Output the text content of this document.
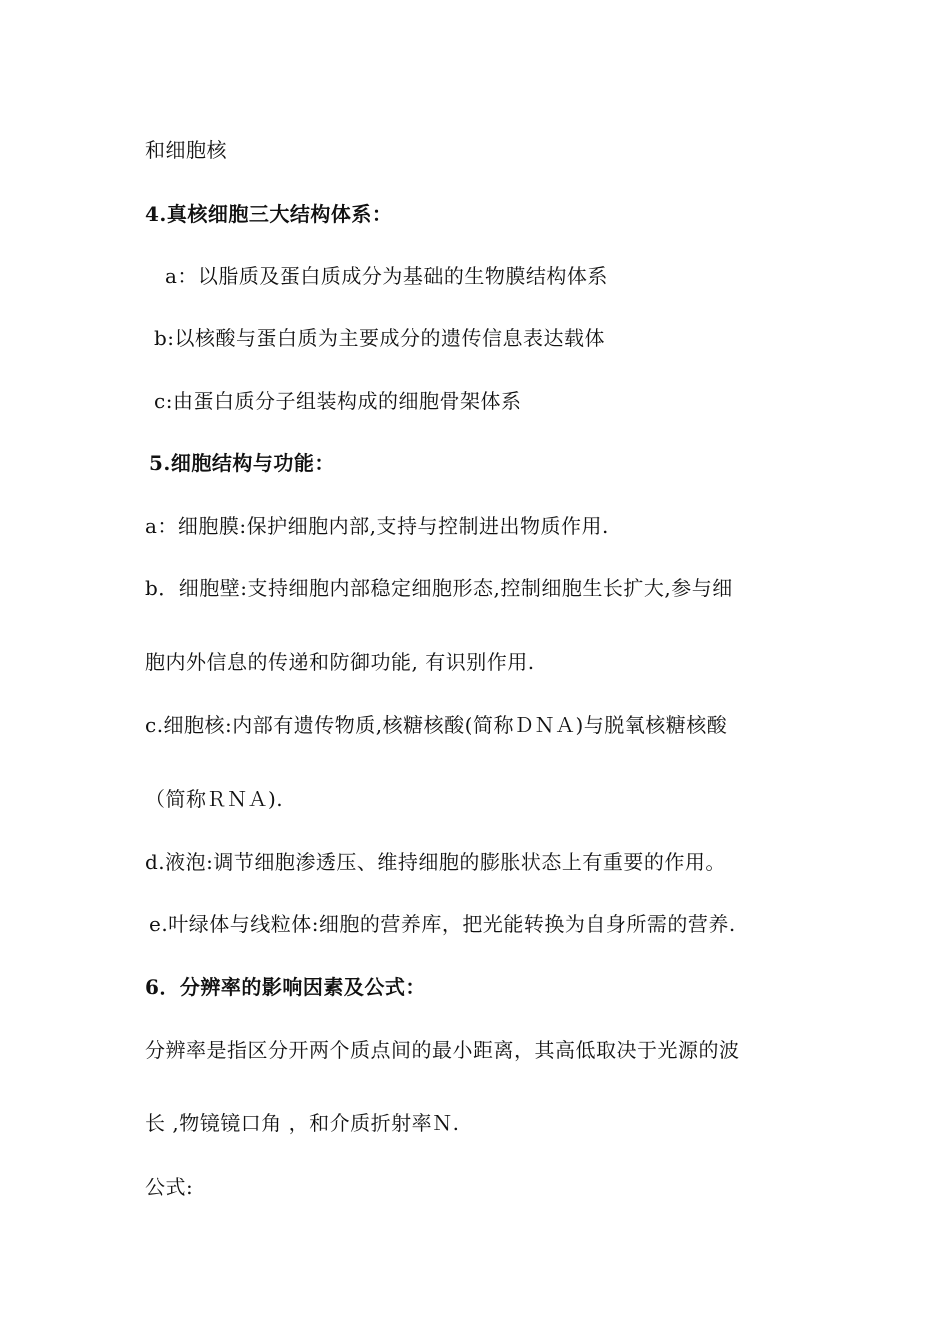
和细胞核
4.真核细胞三大结构体系：
a：以脂质及蛋白质成分为基础的生物膜结构体系
b:以核酸与蛋白质为主要成分的遗传信息表达载体
c:由蛋白质分子组装构成的细胞骨架体系
5.细胞结构与功能：
a：细胞膜:保护细胞内部,支持与控制进出物质作用.
b．细胞壁:支持细胞内部稳定细胞形态,控制细胞生长扩大,参与细
胞内外信息的传递和防御功能, 有识别作用.
c.细胞核:内部有遗传物质,核糖核酸(简称ＤＮＡ)与脱氧核糖核酸
（简称ＲＮＡ).
d.液泡:调节细胞渗透压、维持细胞的膨胀状态上有重要的作用。
e.叶绿体与线粒体:细胞的营养库，把光能转换为自身所需的营养.
6．分辨率的影响因素及公式：
分辨率是指区分开两个质点间的最小距离，其高低取决于光源的波
长 ,物镜镜口角 ，和介质折射率Ｎ.
公式:
